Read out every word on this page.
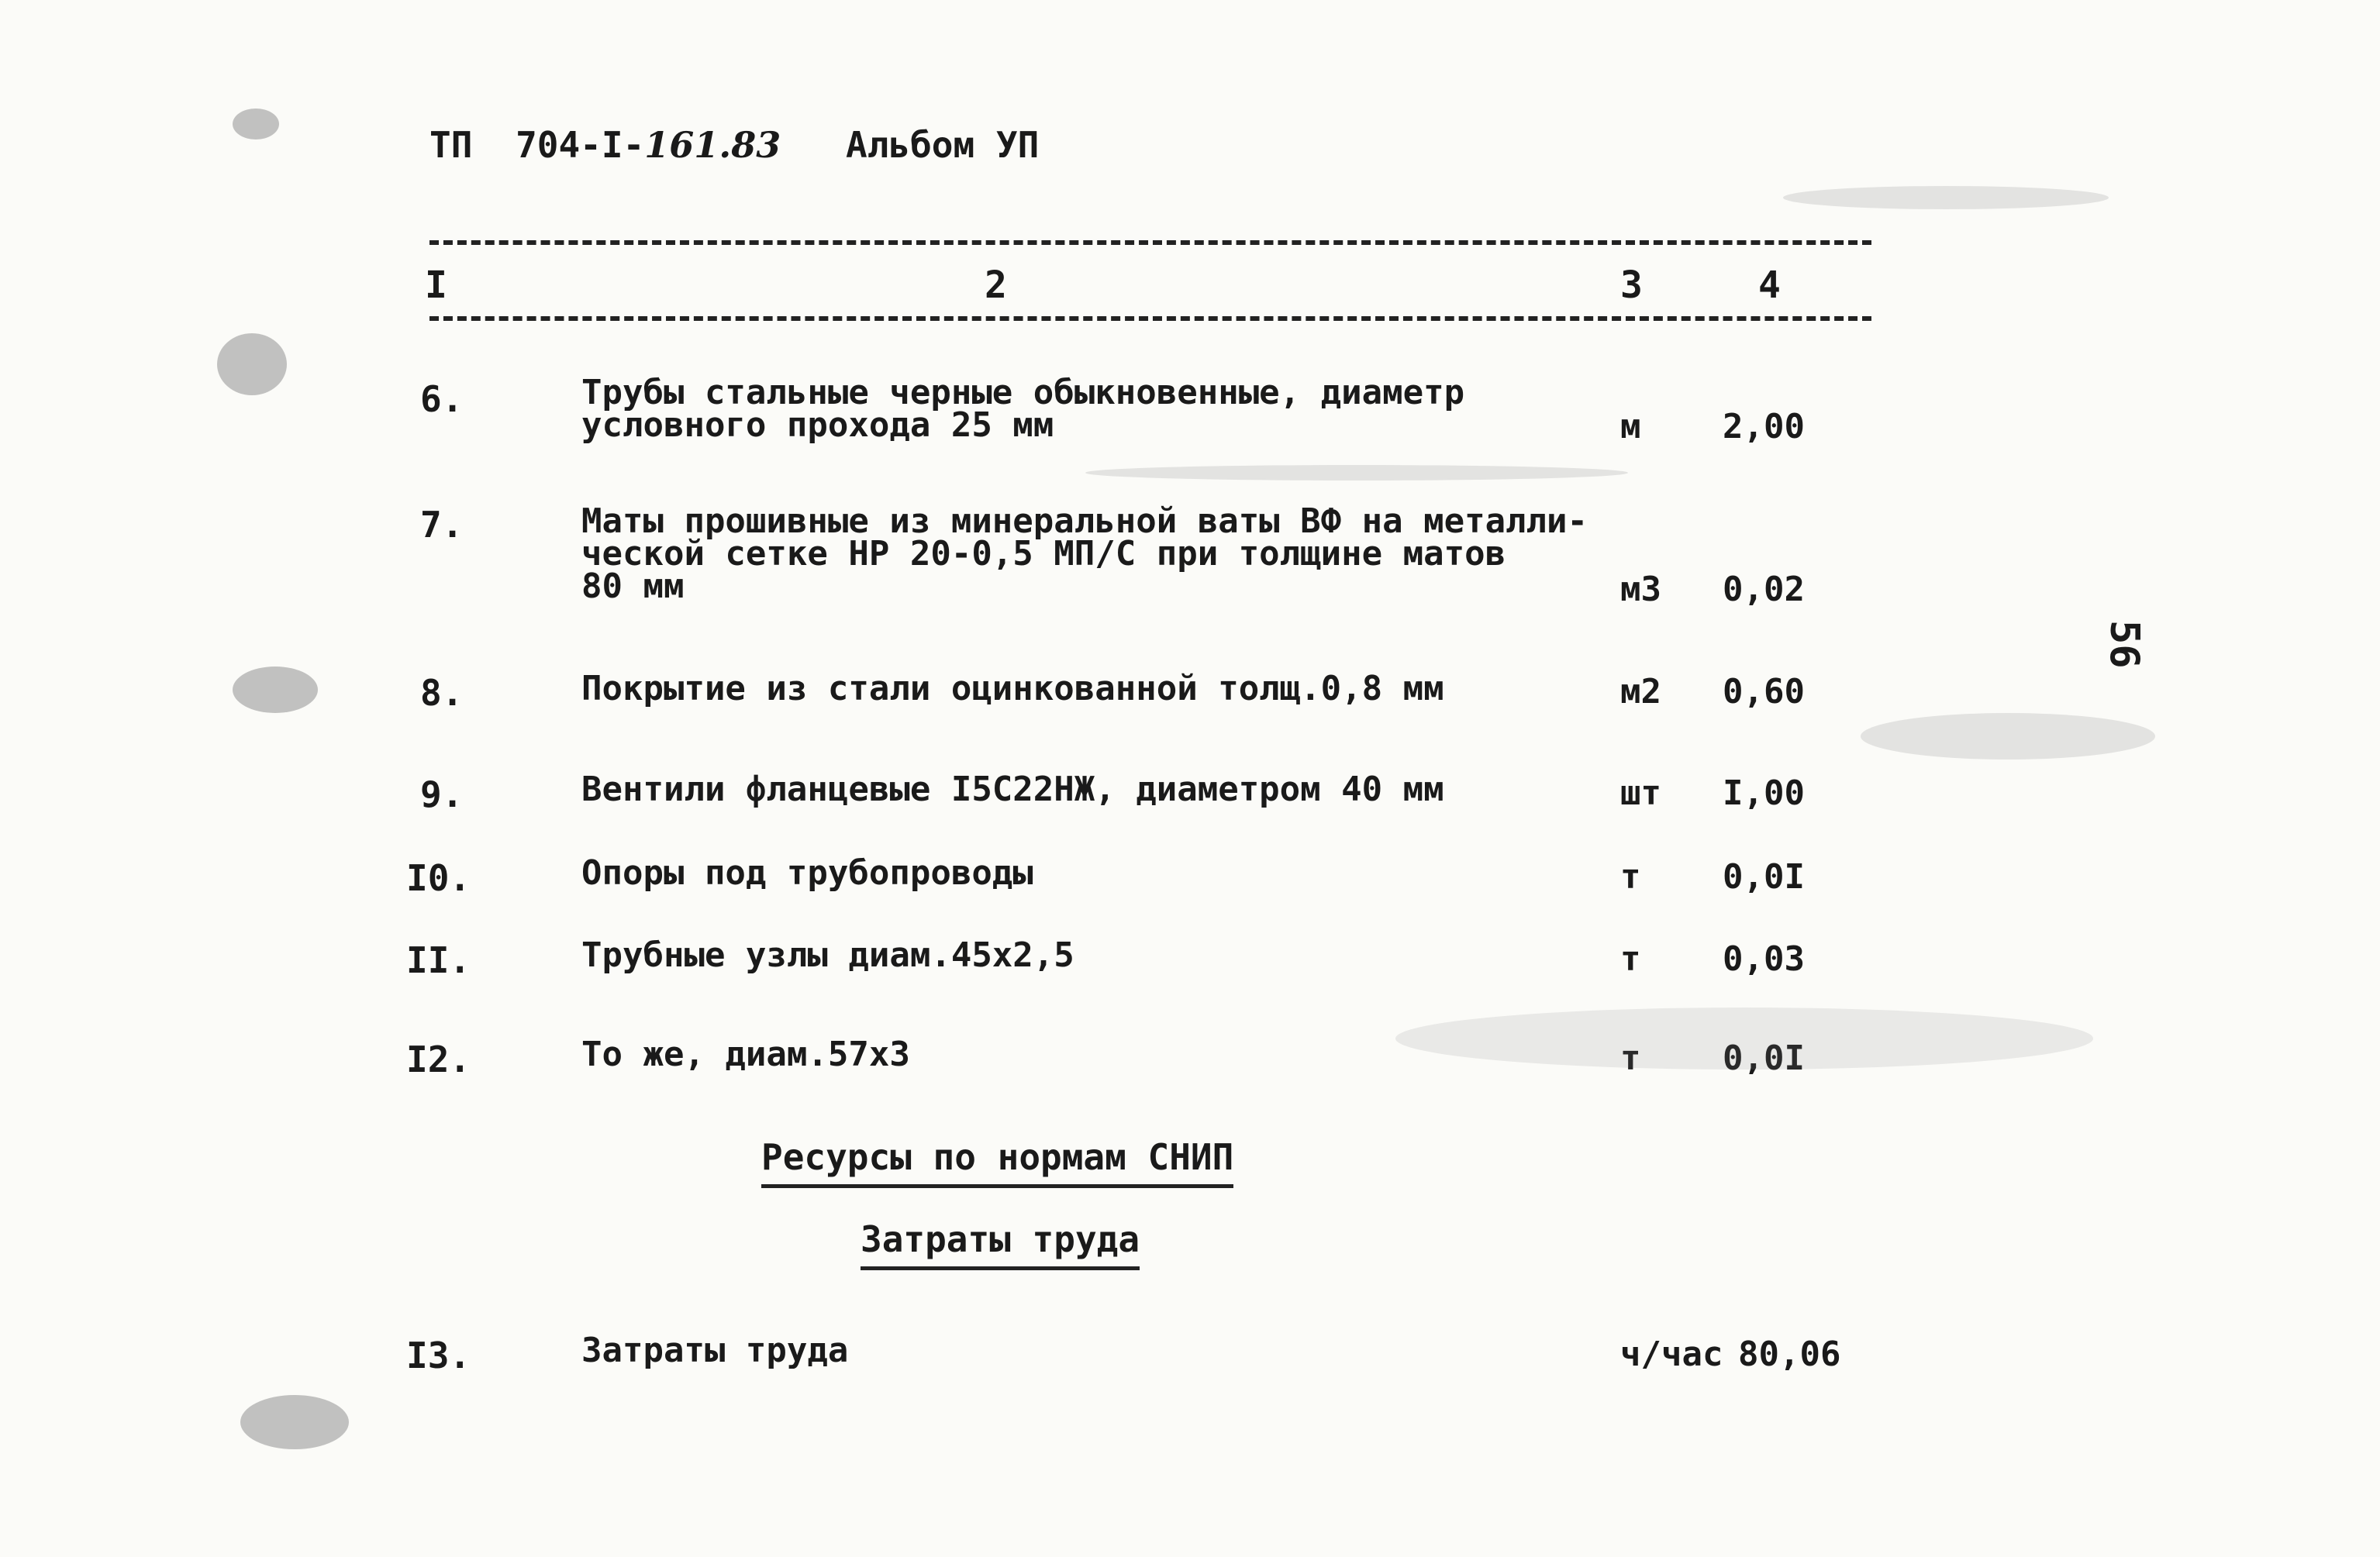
ТП 704-I-161.83 Альбом УП
I	2	3	4
6.	Трубы стальные черные обыкновенные, диаметр
условного прохода 25 мм	м 2,00
7.	Маты прошивные из минеральной ваты ВФ на металли-
ческой сетке НР 20-0,5 МП/С при толщине матов
80 мм	м3 0,02
8.	Покрытие из стали оцинкованной толщ.0,8 мм	м2 0,60
9.	Вентили фланцевые I5С22НЖ, диаметром 40 мм	шт I,00
I0.	Опоры под трубопроводы	т 0,0I
II.	Трубные узлы диам.45х2,5	т 0,03
I2.	То же, диам.57х3	т 0,0I
Ресурсы по нормам СНИП
Затраты труда
I3.	Затраты труда	ч/час 80,06
56
